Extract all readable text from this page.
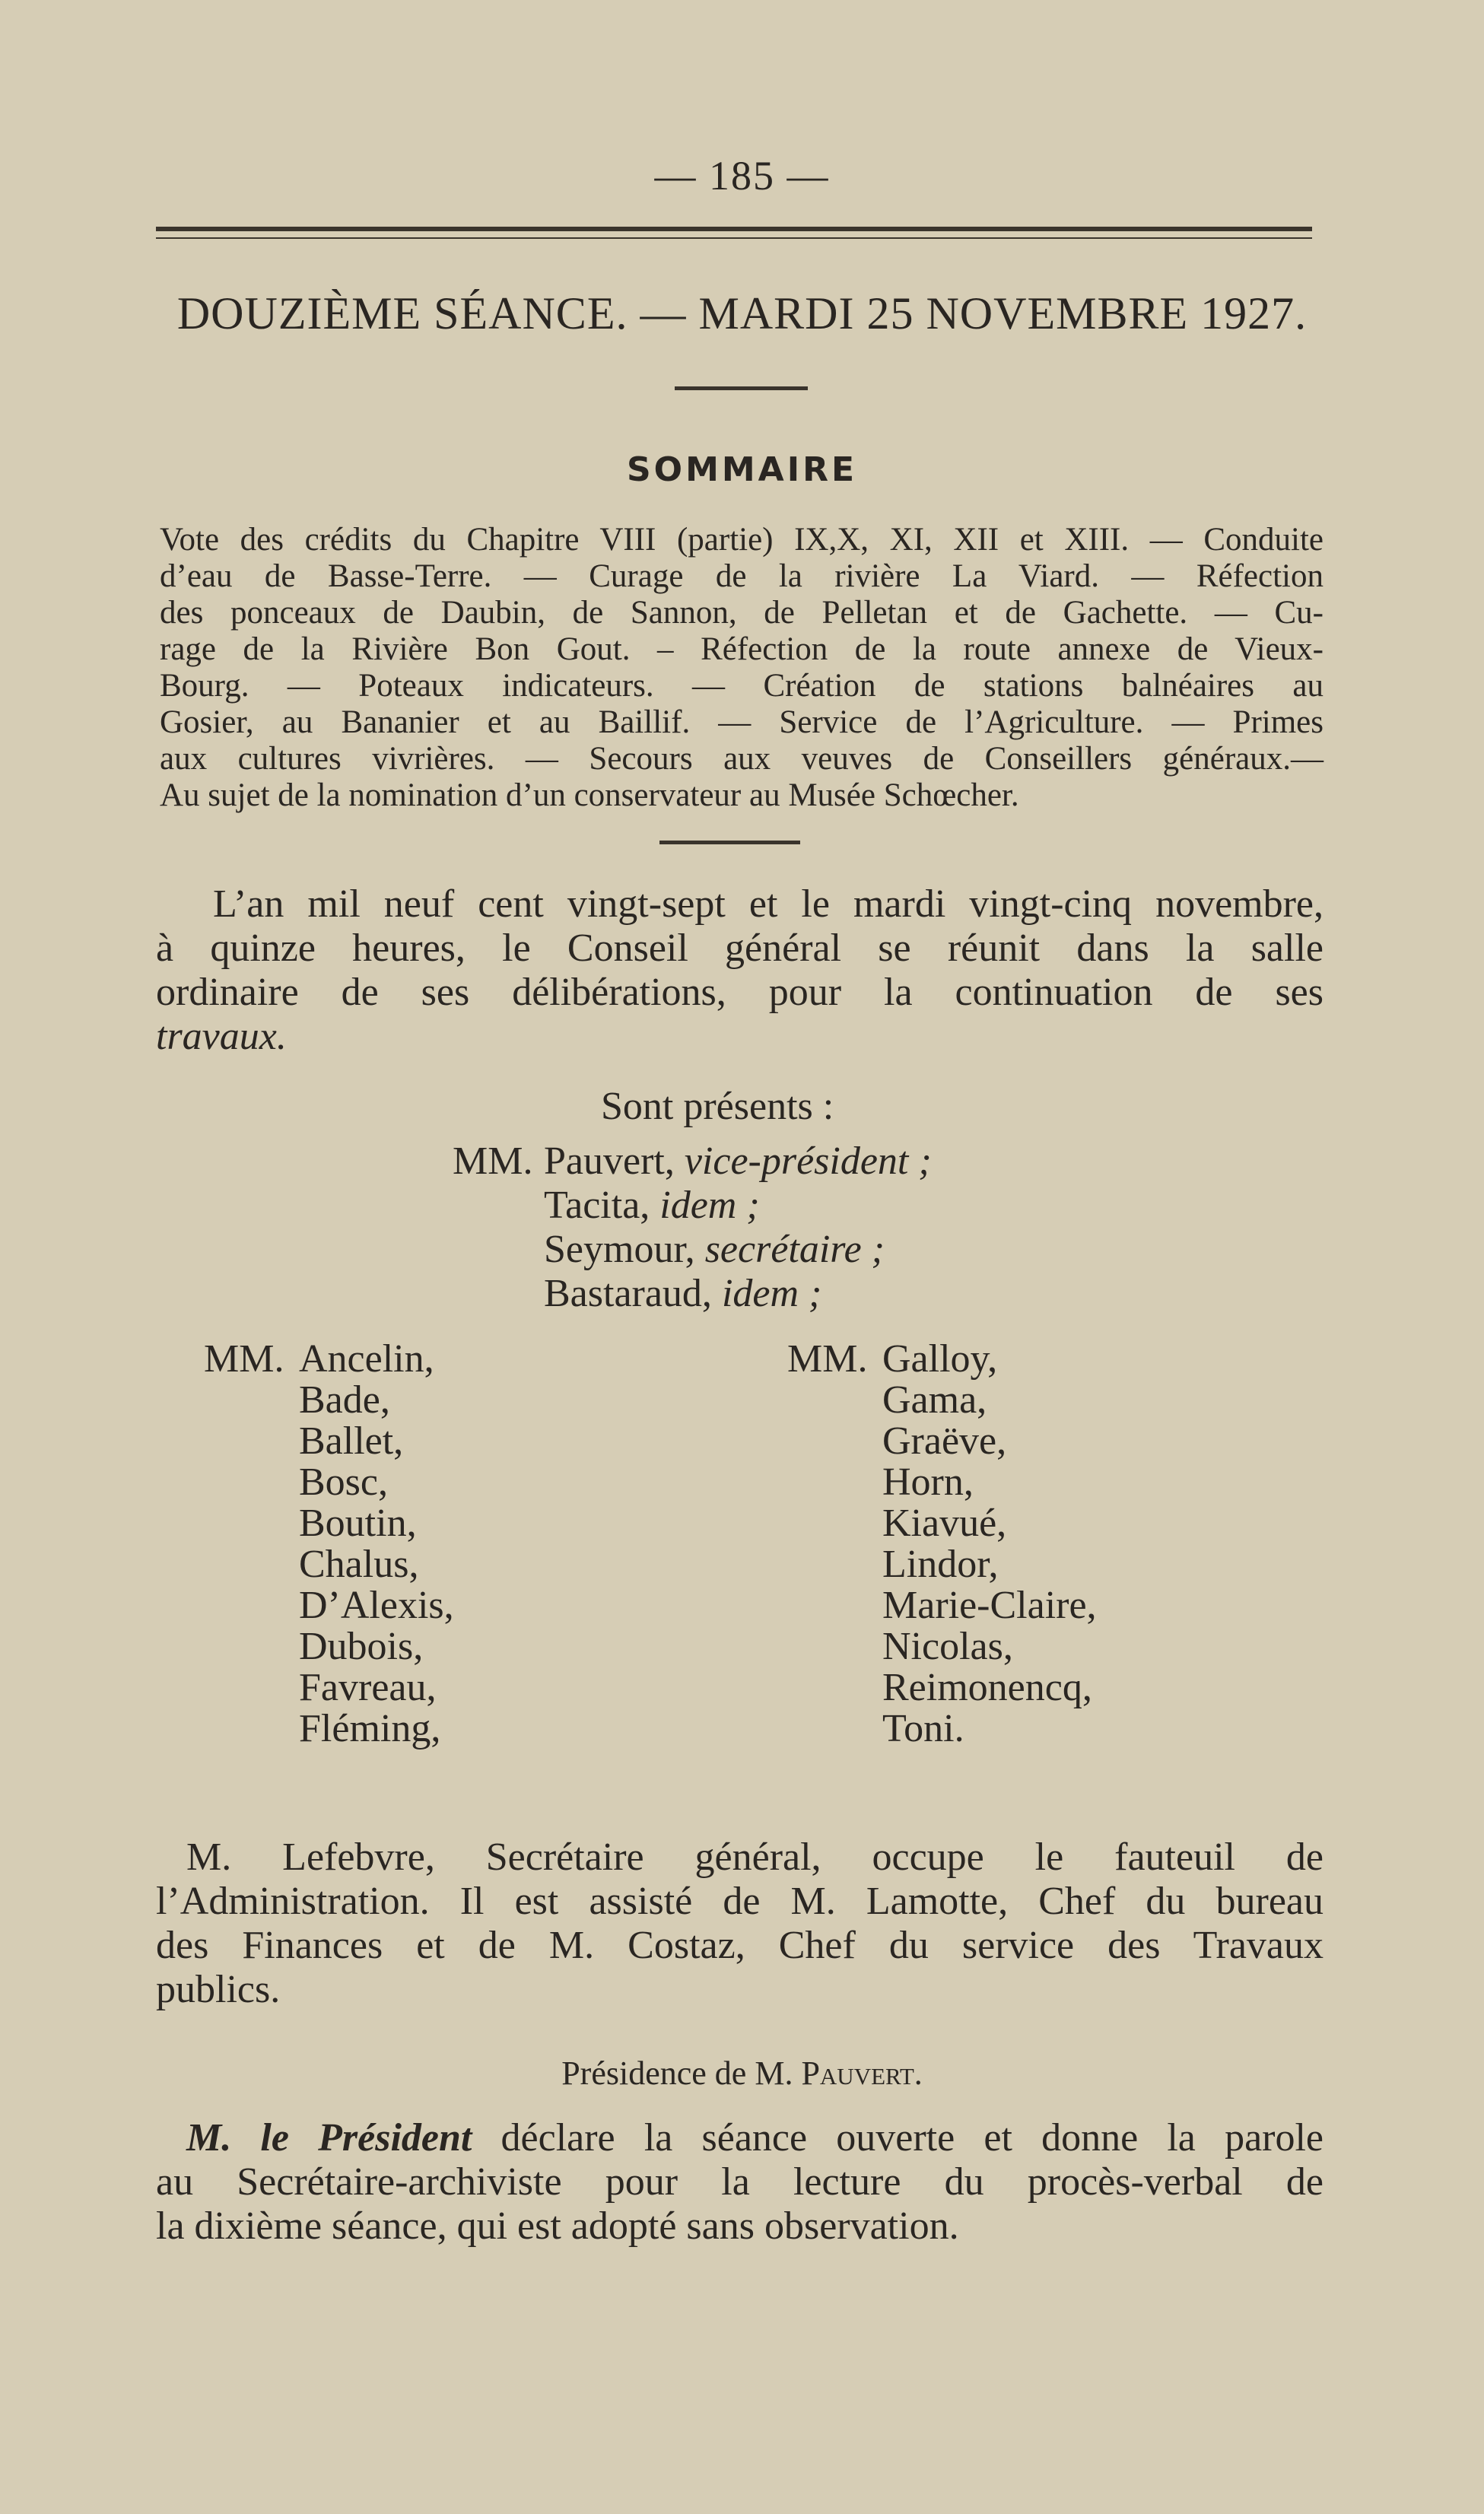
— 185 —
DOUZIÈME SÉANCE. — MARDI 25 NOVEMBRE 1927.
SOMMAIRE
Vote des crédits du Chapitre VIII (partie) IX,X, XI, XII et XIII. — Conduite
d’eau de Basse-Terre. — Curage de la rivière La Viard. — Réfection
des ponceaux de Daubin, de Sannon, de Pelletan et de Gachette. — Cu-
rage de la Rivière Bon Gout. – Réfection de la route annexe de Vieux-
Bourg. — Poteaux indicateurs. — Création de stations balnéaires au
Gosier, au Bananier et au Baillif. — Service de l’Agriculture. — Primes
aux cultures vivrières. — Secours aux veuves de Conseillers généraux.—
Au sujet de la nomination d’un conservateur au Musée Schœcher.
L’an mil neuf cent vingt-sept et le mardi vingt-cinq novembre,
à quinze heures, le Conseil général se réunit dans la salle
ordinaire de ses délibérations, pour la continuation de ses
travaux.
Sont présents :
MM. Pauvert, vice-président ;
Tacita, idem ;
Seymour, secrétaire ;
Bastaraud, idem ;
MM. Ancelin,
Bade,
Ballet,
Bosc,
Boutin,
Chalus,
D’Alexis,
Dubois,
Favreau,
Fléming,
MM. Galloy,
Gama,
Graëve,
Horn,
Kiavué,
Lindor,
Marie-Claire,
Nicolas,
Reimonencq,
Toni.
M. Lefebvre, Secrétaire général, occupe le fauteuil de
l’Administration. Il est assisté de M. Lamotte, Chef du bureau
des Finances et de M. Costaz, Chef du service des Travaux
publics.
Présidence de M. Pauvert.
M. le Président déclare la séance ouverte et donne la parole
au Secrétaire-archiviste pour la lecture du procès-verbal de
la dixième séance, qui est adopté sans observation.
